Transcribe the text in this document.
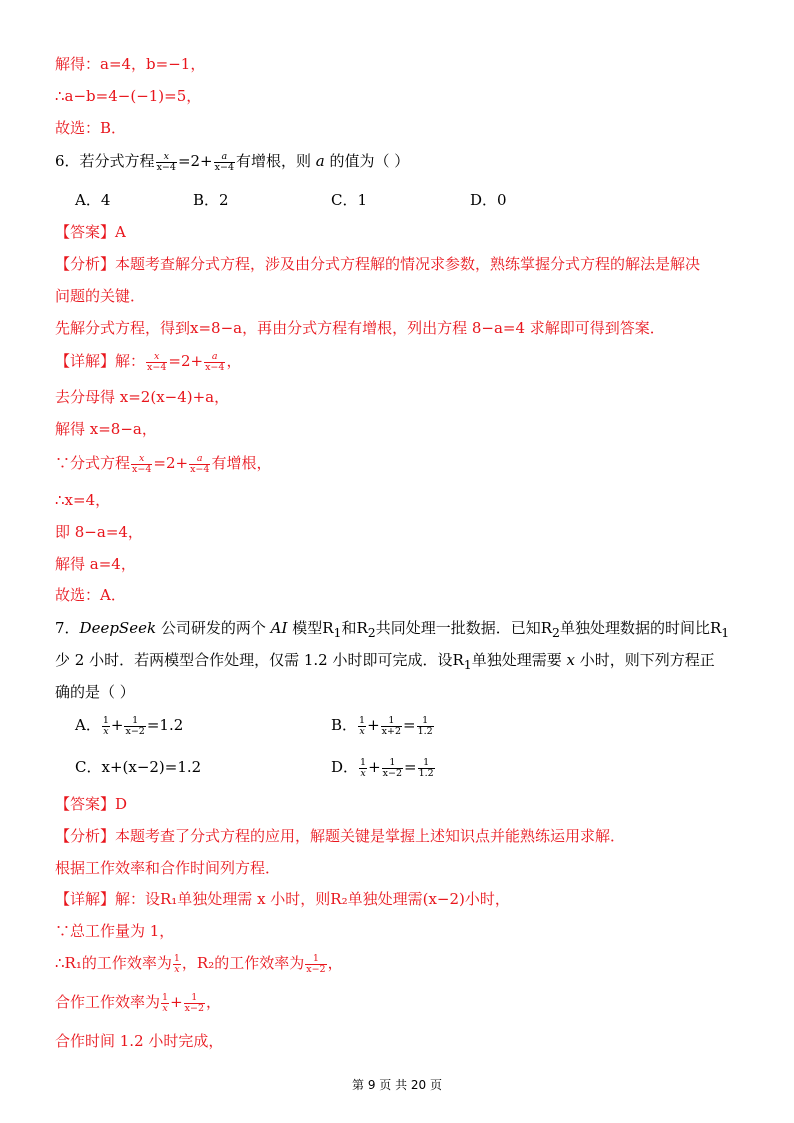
解得：a=4，b=−1，
∴a−b=4−(−1)=5，
故选：B．
6．若分式方程 $\frac{x}{x-4} =2+ \frac{a}{x-4}$ 有增根，则 a 的值为（ ）
A．4	B．2	C．1	D．0
【答案】A
【分析】本题考查解分式方程，涉及由分式方程解的情况求参数，熟练掌握分式方程的解法是解决
问题的关键．
先解分式方程，得到x=8−a，再由分式方程有增根，列出方程 8−a=4 求解即可得到答案．
【详解】解： $\frac{x}{x-4} =2+ \frac{a}{x-4}$ ，
去分母得 x=2(x−4)+a，
解得 x=8−a，
∵分式方程 $\frac{x}{x-4} =2+ \frac{a}{x-4}$ 有增根，
∴x=4，
即 8−a=4，
解得 a=4，
故选：A．
7．DeepSeek 公司研发的两个 AI 模型$R_1$和$R_2$共同处理一批数据．已知$R_2$单独处理数据的时间比$R_1$
少 2 小时．若两模型合作处理，仅需 1.2 小时即可完成．设$R_1$单独处理需要 x 小时，则下列方程正
确的是（ ）
A． $\frac{1}{x} + \frac{1}{x-2} =1.2$	B． $\frac{1}{x} + \frac{1}{x+2} = \frac{1}{1.2}$
C．x+(x−2)=1.2	D． $\frac{1}{x} + \frac{1}{x-2} = \frac{1}{1.2}$
【答案】D
【分析】本题考查了分式方程的应用，解题关键是掌握上述知识点并能熟练运用求解．
根据工作效率和合作时间列方程．
【详解】解：设R₁单独处理需 x 小时，则R₂单独处理需(x−2)小时，
∵总工作量为 1，
∴R₁的工作效率为 $\frac{1}{x}$ ，R₂的工作效率为 $\frac{1}{x-2}$ ，
合作工作效率为 $\frac{1}{x} + \frac{1}{x-2}$ ，
合作时间 1.2 小时完成，
第 9 页 共 20 页
